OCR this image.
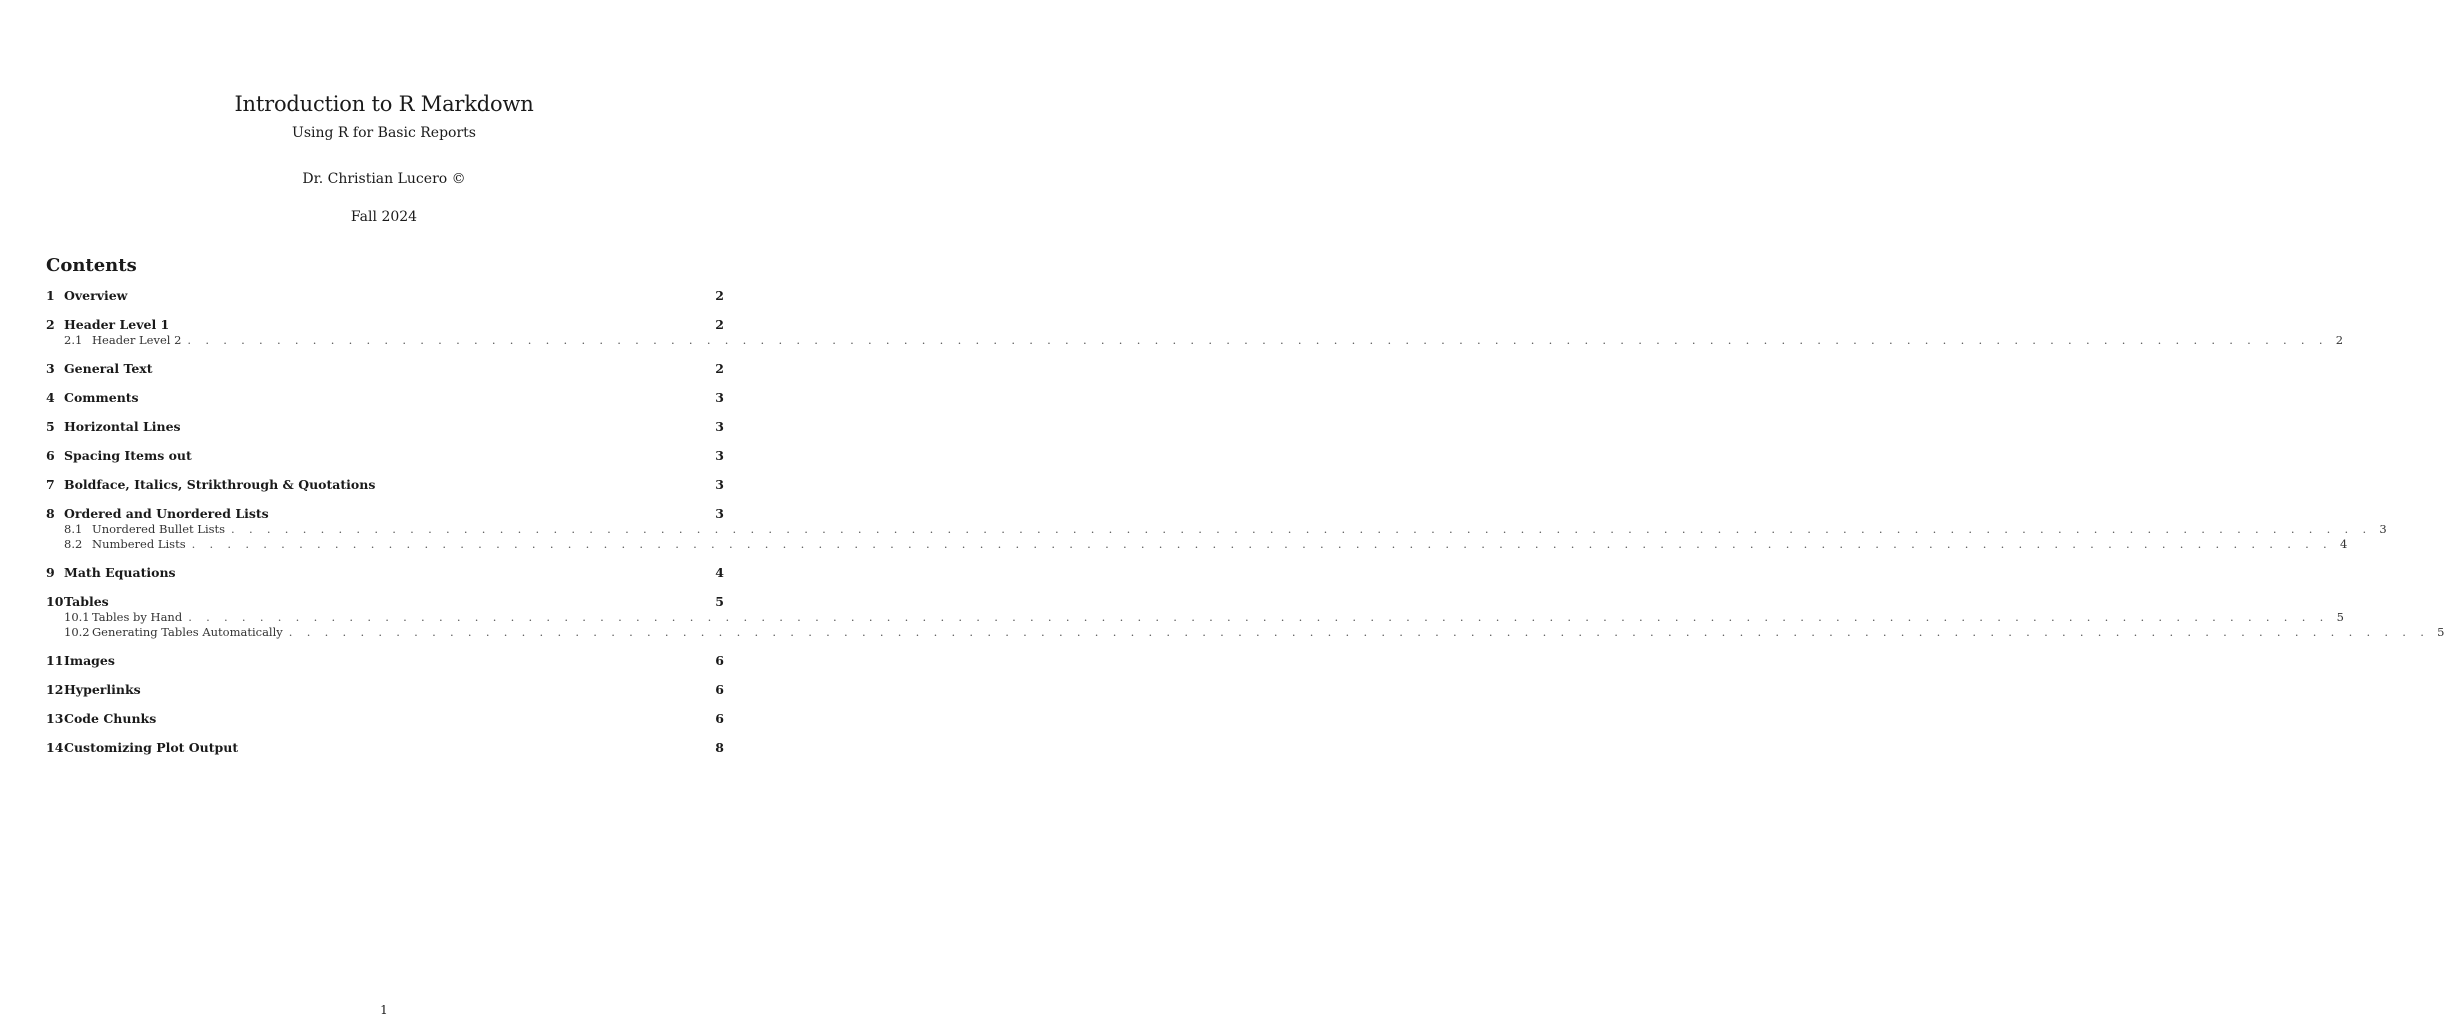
Introduction to R Markdown
Using R for Basic Reports
Dr. Christian Lucero ©
Fall 2024
Contents
1 Overview	2
2 Header Level 1	2
2.1 Header Level 2 . . . . . . . . . . . . . . . . . . . . . . . . . . . . . . . . . . . . . . . . . . . . . . . . . . . . . . . . . . . . . . . . . . . . . . . . . . . . . . . . . . . . . . . . . . . . . . . . . . . . . . . . . . . . . . . . . . . . . . . . 2
3 General Text	2
4 Comments	3
5 Horizontal Lines	3
6 Spacing Items out	3
7 Boldface, Italics, Strikthrough & Quotations	3
8 Ordered and Unordered Lists	3
8.1 Unordered Bullet Lists . . . . . . . . . . . . . . . . . . . . . . . . . . . . . . . . . . . . . . . . . . . . . . . . . . . . . . . . . . . . . . . . . . . . . . . . . . . . . . . . . . . . . . . . . . . . . . . . . . . . . . . . . . . . . . . . . . . . . . . . 3
8.2 Numbered Lists . . . . . . . . . . . . . . . . . . . . . . . . . . . . . . . . . . . . . . . . . . . . . . . . . . . . . . . . . . . . . . . . . . . . . . . . . . . . . . . . . . . . . . . . . . . . . . . . . . . . . . . . . . . . . . . . . . . . . . . . 4
9 Math Equations	4
10 Tables	5
10.1 Tables by Hand . . . . . . . . . . . . . . . . . . . . . . . . . . . . . . . . . . . . . . . . . . . . . . . . . . . . . . . . . . . . . . . . . . . . . . . . . . . . . . . . . . . . . . . . . . . . . . . . . . . . . . . . . . . . . . . . . . . . . . . . 5
10.2 Generating Tables Automatically . . . . . . . . . . . . . . . . . . . . . . . . . . . . . . . . . . . . . . . . . . . . . . . . . . . . . . . . . . . . . . . . . . . . . . . . . . . . . . . . . . . . . . . . . . . . . . . . . . . . . . . . . . . . . . . . . . . . . . . . 5
11 Images	6
12 Hyperlinks	6
13 Code Chunks	6
14 Customizing Plot Output	8
1
